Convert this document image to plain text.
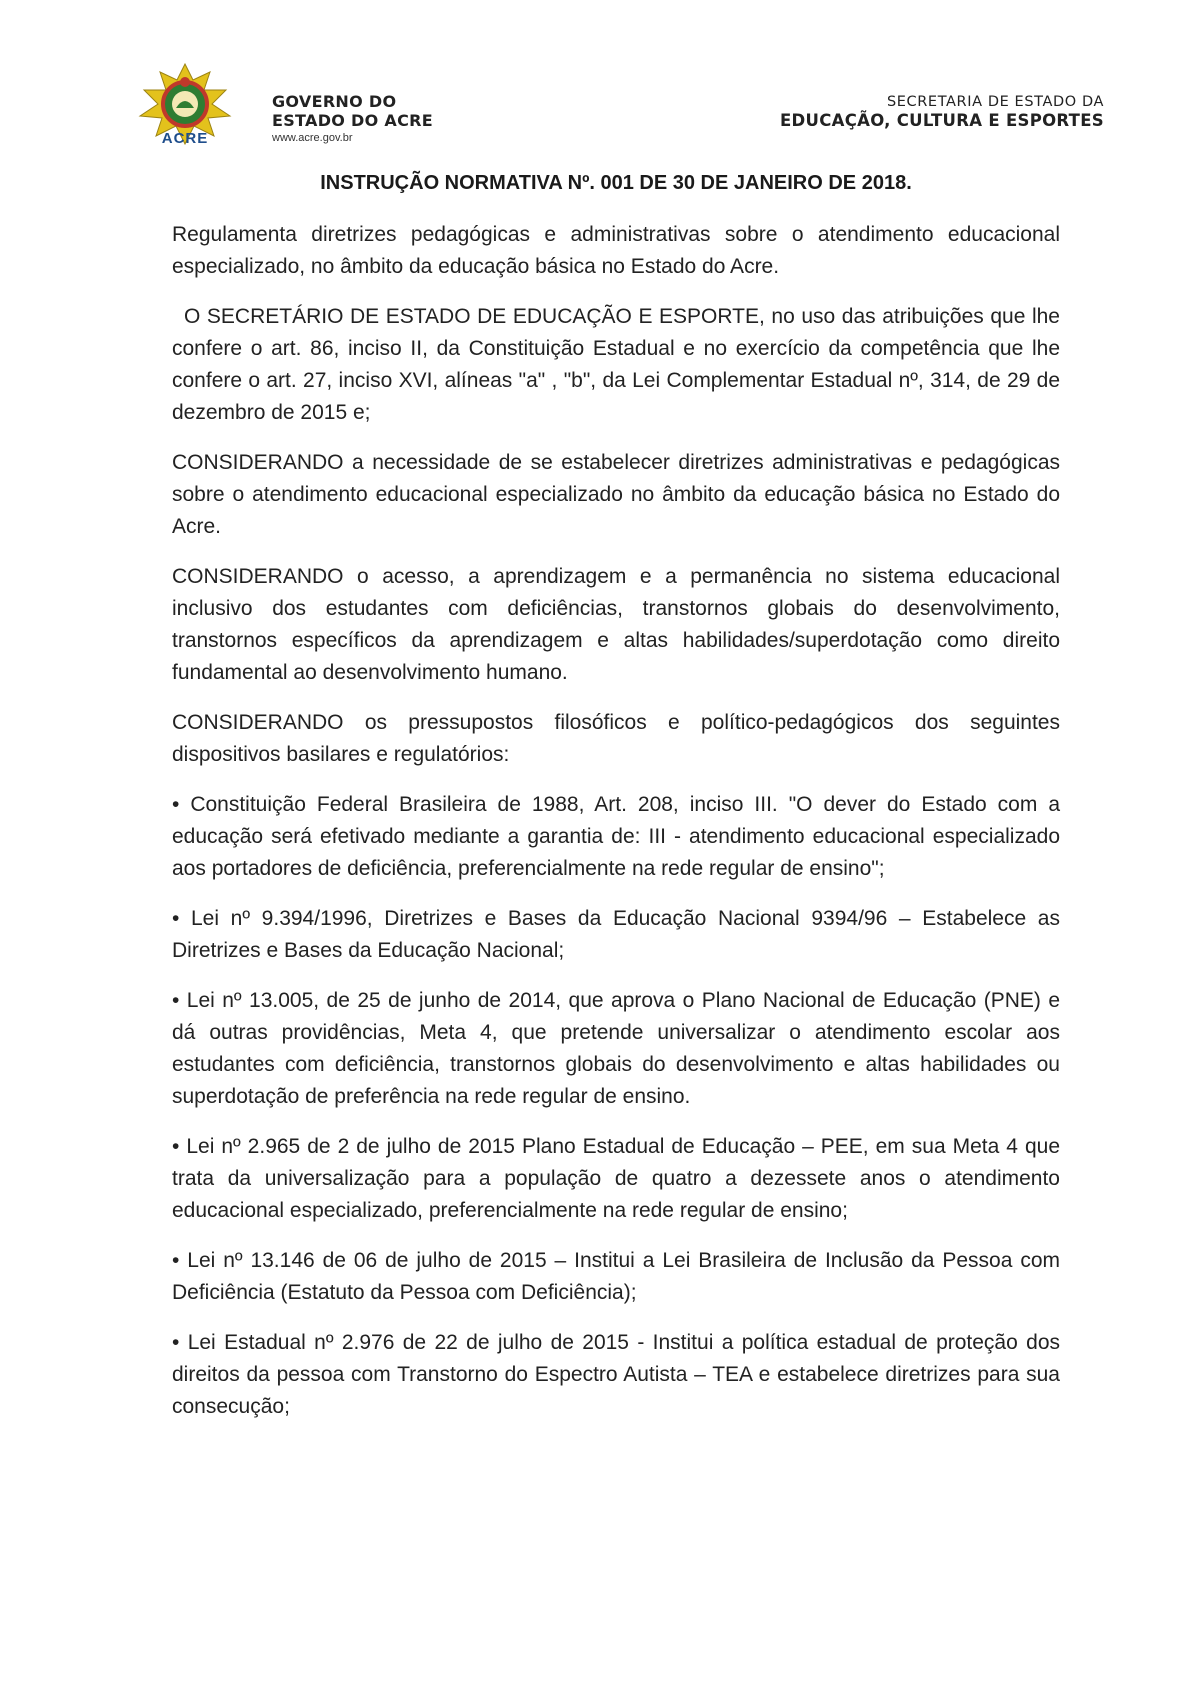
ACRE
GOVERNO DO
ESTADO DO ACRE
www.acre.gov.br
SECRETARIA DE ESTADO DA
EDUCAÇÃO, CULTURA E ESPORTES
INSTRUÇÃO NORMATIVA Nº. 001 DE 30 DE JANEIRO DE 2018.

Regulamenta diretrizes pedagógicas e administrativas sobre o atendimento educacional especializado, no âmbito da educação básica no Estado do Acre.

O SECRETÁRIO DE ESTADO DE EDUCAÇÃO E ESPORTE, no uso das atribuições que lhe confere o art. 86, inciso II, da Constituição Estadual e no exercício da competência que lhe confere o art. 27, inciso XVI, alíneas "a" , "b", da Lei Complementar Estadual nº, 314, de 29 de dezembro de 2015 e;

CONSIDERANDO a necessidade de se estabelecer diretrizes administrativas e pedagógicas sobre o atendimento educacional especializado no âmbito da educação básica no Estado do Acre.

CONSIDERANDO o acesso, a aprendizagem e a permanência no sistema educacional inclusivo dos estudantes com deficiências, transtornos globais do desenvolvimento, transtornos específicos da aprendizagem e altas habilidades/superdotação como direito fundamental ao desenvolvimento humano.

CONSIDERANDO os pressupostos filosóficos e político-pedagógicos dos seguintes dispositivos basilares e regulatórios:

• Constituição Federal Brasileira de 1988, Art. 208, inciso III. "O dever do Estado com a educação será efetivado mediante a garantia de: III - atendimento educacional especializado aos portadores de deficiência, preferencialmente na rede regular de ensino";

• Lei nº 9.394/1996, Diretrizes e Bases da Educação Nacional 9394/96 – Estabelece as Diretrizes e Bases da Educação Nacional;

• Lei nº 13.005, de 25 de junho de 2014, que aprova o Plano Nacional de Educação (PNE) e dá outras providências, Meta 4, que pretende universalizar o atendimento escolar aos estudantes com deficiência, transtornos globais do desenvolvimento e altas habilidades ou superdotação de preferência na rede regular de ensino.

• Lei nº 2.965 de 2 de julho de 2015 Plano Estadual de Educação – PEE, em sua Meta 4 que trata da universalização para a população de quatro a dezessete anos o atendimento educacional especializado, preferencialmente na rede regular de ensino;

• Lei nº 13.146 de 06 de julho de 2015 – Institui a Lei Brasileira de Inclusão da Pessoa com Deficiência (Estatuto da Pessoa com Deficiência);

• Lei Estadual nº 2.976 de 22 de julho de 2015 - Institui a política estadual de proteção dos direitos da pessoa com Transtorno do Espectro Autista – TEA e estabelece diretrizes para sua consecução;
